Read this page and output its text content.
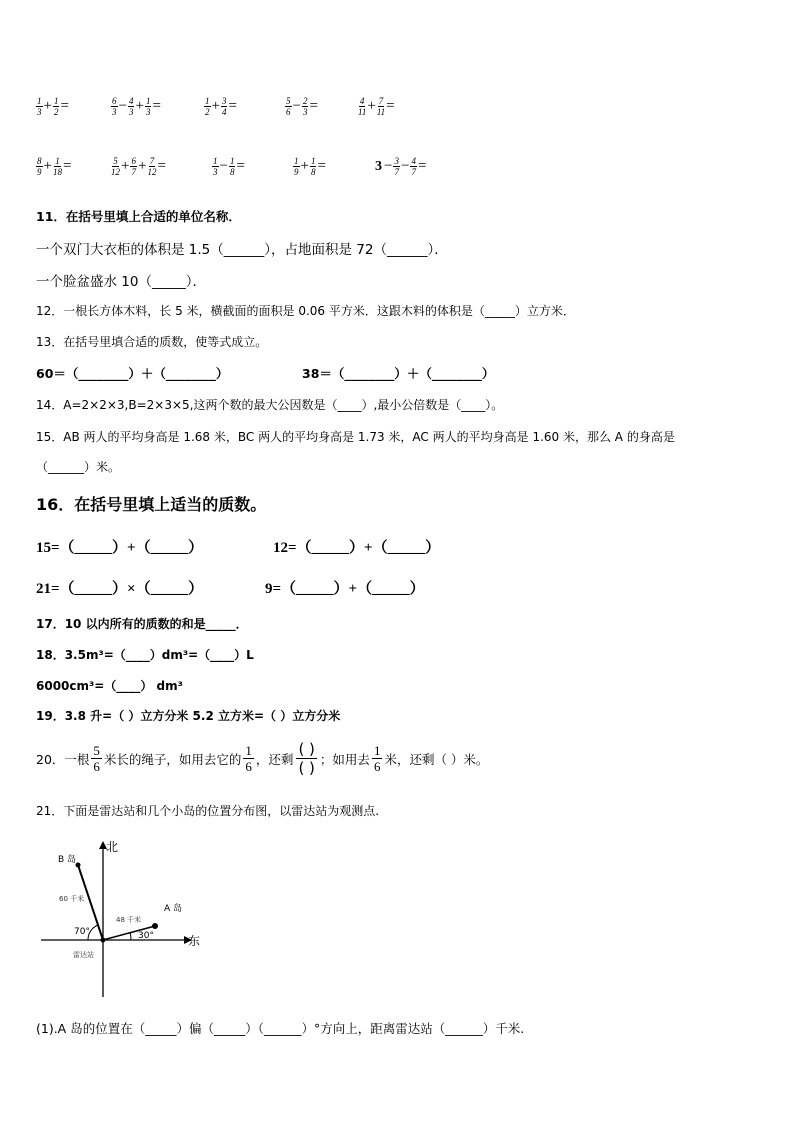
$\frac{1}{3} + \frac{1}{2}$ =	$\frac{6}{3} - \frac{4}{3} + \frac{1}{3}$ =	$\frac{1}{2} + \frac{3}{4}$ =	$\frac{5}{6} - \frac{2}{3}$ =	$\frac{4}{11} + \frac{7}{11}$ =
$\frac{8}{9} + \frac{1}{18}$ =	$\frac{5}{12} + \frac{6}{7} + \frac{7}{12}$ =	$\frac{1}{3} - \frac{1}{8}$ =	$\frac{1}{9} + \frac{1}{8}$ =	$3 - \frac{3}{7} - \frac{4}{7}$ =
11．在括号里填上合适的单位名称．
一个双门大衣柜的体积是 1.5（______），占地面积是 72（______）．
一个脸盆盛水 10（_____）．
12．一根长方体木料，长 5 米，横截面的面积是 0.06 平方米．这跟木料的体积是（_____）立方米．
13．在括号里填合适的质数，使等式成立。
60＝（________）＋（________）	38＝（________）＋（________）
14．A=2×2×3,B=2×3×5,这两个数的最大公因数是（____）,最小公倍数是（____）。
15．AB 两人的平均身高是 1.68 米，BC 两人的平均身高是 1.73 米，AC 两人的平均身高是 1.60 米，那么 A 的身高是
（______）米。
16．在括号里填上适当的质数。
15=（_____）+（_____）	12=（_____）+（_____）
21=（_____）×（_____）	9=（_____）+（_____）
17．10 以内所有的质数的和是_____．
18．3.5m³=（____）dm³=（____）L
6000cm³=（____） dm³
19．3.8 升=（ ）立方分米 5.2 立方米=（ ）立方分米
20．一根
5
6 米长的绳子，如用去它的
1
6 ，还剩
( )
( ) ；如用去
1
6 米，还剩（ ）米。
21．下面是雷达站和几个小岛的位置分布图，以雷达站为观测点.
北
东
B 岛
A 岛
60 千米
48 千米
70°	30°
雷达站
(1).A 岛的位置在（_____）偏（_____）（______）°方向上，距离雷达站（______）千米.
